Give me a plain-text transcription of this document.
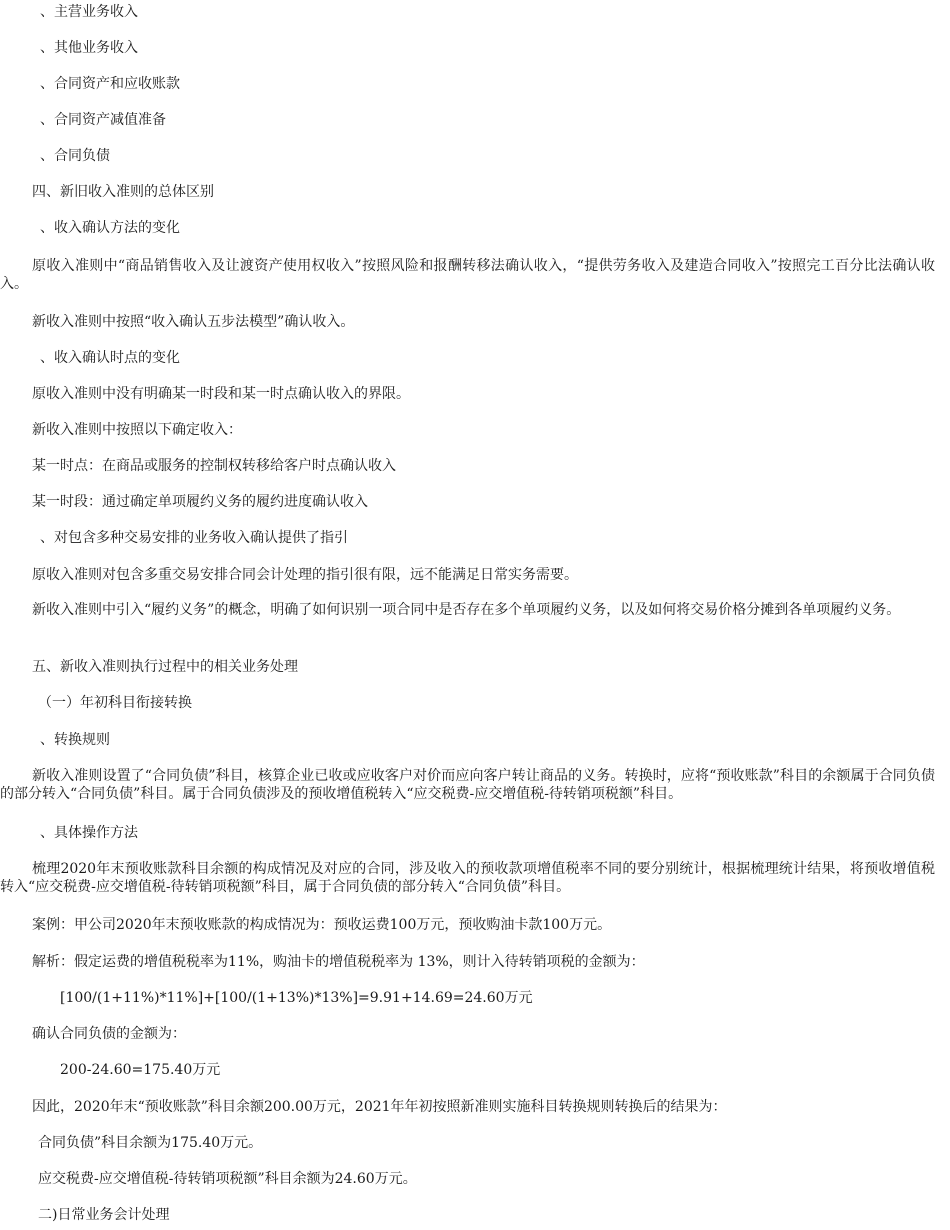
、主营业务收入
、其他业务收入
、合同资产和应收账款
、合同资产减值准备
、合同负债
四、新旧收入准则的总体区别
、收入确认方法的变化
原收入准则中“商品销售收入及让渡资产使用权收入”按照风险和报酬转移法确认收入，“提供劳务收入及建造合同收入”按照完工百分比法确认收入。
新收入准则中按照“收入确认五步法模型”确认收入。
、收入确认时点的变化
原收入准则中没有明确某一时段和某一时点确认收入的界限。
新收入准则中按照以下确定收入：
某一时点：在商品或服务的控制权转移给客户时点确认收入
某一时段：通过确定单项履约义务的履约进度确认收入
、对包含多种交易安排的业务收入确认提供了指引
原收入准则对包含多重交易安排合同会计处理的指引很有限，远不能满足日常实务需要。
新收入准则中引入“履约义务”的概念，明确了如何识别一项合同中是否存在多个单项履约义务，以及如何将交易价格分摊到各单项履约义务。
五、新收入准则执行过程中的相关业务处理
（一）年初科目衔接转换
、转换规则
新收入准则设置了“合同负债”科目，核算企业已收或应收客户对价而应向客户转让商品的义务。转换时，应将“预收账款”科目的余额属于合同负债的部分转入“合同负债”科目。属于合同负债涉及的预收增值税转入“应交税费-应交增值税-待转销项税额”科目。
、具体操作方法
梳理2020年末预收账款科目余额的构成情况及对应的合同，涉及收入的预收款项增值税率不同的要分别统计，根据梳理统计结果，将预收增值税转入“应交税费-应交增值税-待转销项税额”科目，属于合同负债的部分转入“合同负债”科目。
案例：甲公司2020年末预收账款的构成情况为：预收运费100万元，预收购油卡款100万元。
解析：假定运费的增值税税率为11%，购油卡的增值税税率为 13%，则计入待转销项税的金额为：
[100/(1+11%)*11%]+[100/(1+13%)*13%]=9.91+14.69=24.60万元
确认合同负债的金额为：
200-24.60=175.40万元
因此，2020年末“预收账款”科目余额200.00万元，2021年年初按照新准则实施科目转换规则转换后的结果为：
合同负债”科目余额为175.40万元。
应交税费-应交增值税-待转销项税额”科目余额为24.60万元。
二)日常业务会计处理
